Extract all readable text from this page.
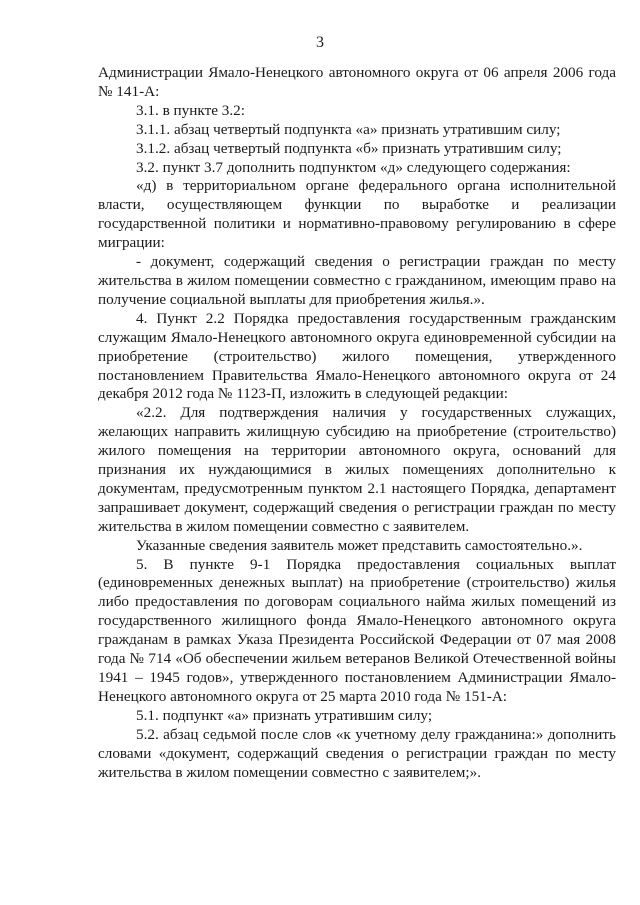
3

Администрации Ямало-Ненецкого автономного округа от 06 апреля 2006 года № 141-А:

3.1. в пункте 3.2:

3.1.1. абзац четвертый подпункта «а» признать утратившим силу;

3.1.2. абзац четвертый подпункта «б» признать утратившим силу;

3.2. пункт 3.7 дополнить подпунктом «д» следующего содержания:

«д) в территориальном органе федерального органа исполнительной власти, осуществляющем функции по выработке и реализации государственной политики и нормативно-правовому регулированию в сфере миграции:

- документ, содержащий сведения о регистрации граждан по месту жительства в жилом помещении совместно с гражданином, имеющим право на получение социальной выплаты для приобретения жилья.».

4. Пункт 2.2 Порядка предоставления государственным гражданским служащим Ямало-Ненецкого автономного округа единовременной субсидии на приобретение (строительство) жилого помещения, утвержденного постановлением Правительства Ямало-Ненецкого автономного округа от 24 декабря 2012 года № 1123-П, изложить в следующей редакции:

«2.2. Для подтверждения наличия у государственных служащих, желающих направить жилищную субсидию на приобретение (строительство) жилого помещения на территории автономного округа, оснований для признания их нуждающимися в жилых помещениях дополнительно к документам, предусмотренным пунктом 2.1 настоящего Порядка, департамент запрашивает документ, содержащий сведения о регистрации граждан по месту жительства в жилом помещении совместно с заявителем.

Указанные сведения заявитель может представить самостоятельно.».

5. В пункте 9-1 Порядка предоставления социальных выплат (единовременных денежных выплат) на приобретение (строительство) жилья либо предоставления по договорам социального найма жилых помещений из государственного жилищного фонда Ямало-Ненецкого автономного округа гражданам в рамках Указа Президента Российской Федерации от 07 мая 2008 года № 714 «Об обеспечении жильем ветеранов Великой Отечественной войны 1941 – 1945 годов», утвержденного постановлением Администрации Ямало-Ненецкого автономного округа от 25 марта 2010 года № 151-А:

5.1. подпункт «а» признать утратившим силу;

5.2. абзац седьмой после слов «к учетному делу гражданина:» дополнить словами «документ, содержащий сведения о регистрации граждан по месту жительства в жилом помещении совместно с заявителем;».
